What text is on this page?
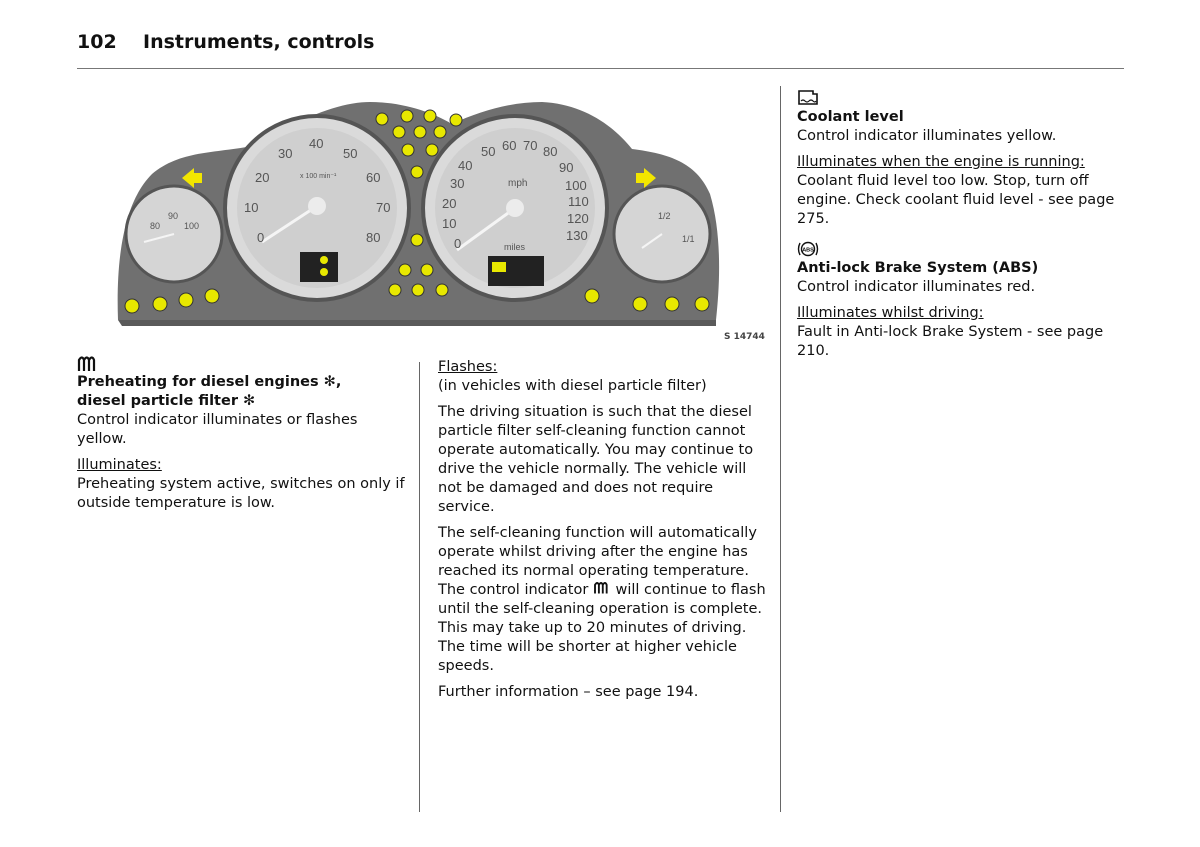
102 Instruments, controls
0
10
20
30
40
50
60
70
80
x 100 min⁻¹
0
10
20
30
40
50 60 70 80
90
100
110
120
130
mph
miles
90
100
80
1/2
1/1
S 14744
Preheating for diesel engines ✻,
diesel particle filter ✻
Control indicator illuminates or flashes yellow.
Illuminates:
Preheating system active, switches on only if outside temperature is low.
Flashes:
(in vehicles with diesel particle filter)
The driving situation is such that the diesel particle filter self-cleaning function cannot operate automatically. You may continue to drive the vehicle normally. The vehicle will not be damaged and does not require service.
The self-cleaning function will automatically operate whilst driving after the engine has reached its normal operating temperature. The control indicator will continue to flash until the self-cleaning operation is complete. This may take up to 20 minutes of driving. The time will be shorter at higher vehicle speeds.
Further information – see page 194.
Coolant level
Control indicator illuminates yellow.
Illuminates when the engine is running:
Coolant fluid level too low. Stop, turn off engine. Check coolant fluid level - see page 275.
ABS
Anti-lock Brake System (ABS)
Control indicator illuminates red.
Illuminates whilst driving:
Fault in Anti-lock Brake System - see page 210.
